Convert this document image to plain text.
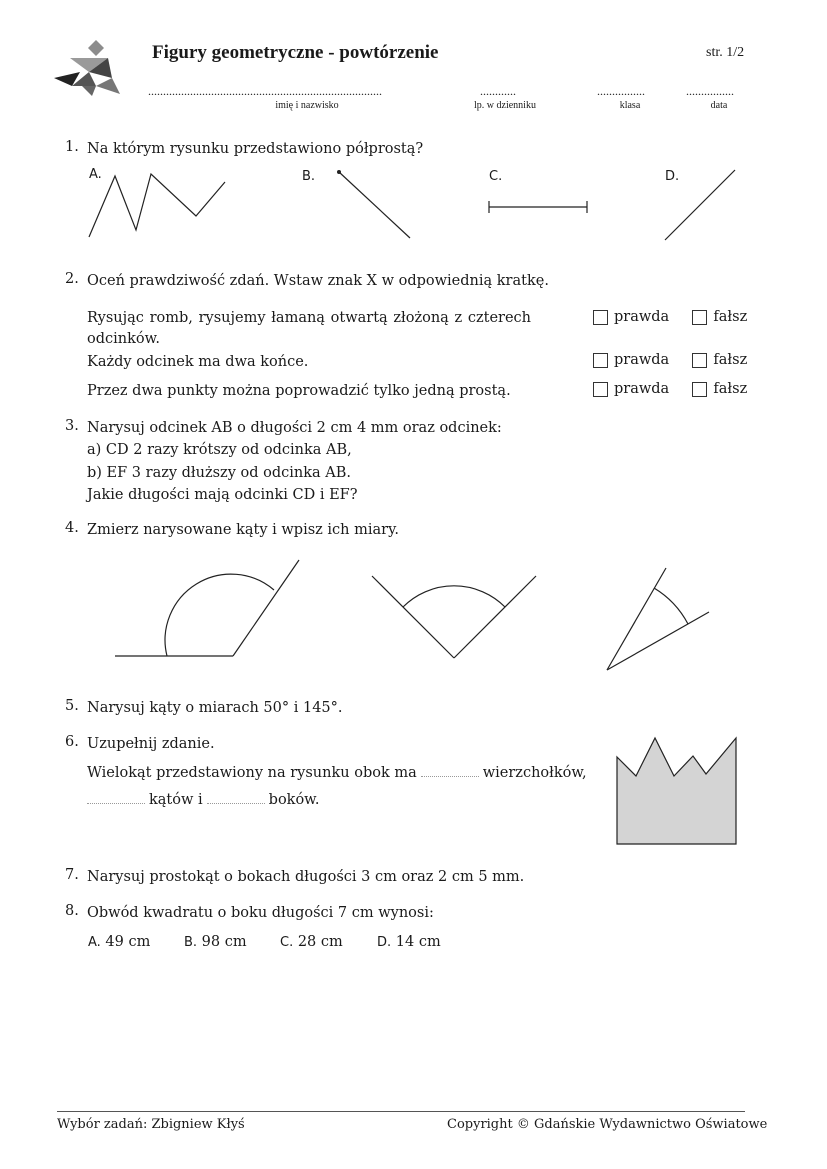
Figury geometryczne - powtórzenie	str. 1/2
..............................................................................
imię i nazwisko
............
lp. w dzienniku
................
klasa
................
data
1. Na którym rysunku przedstawiono półprostą?
A.	B.	C.	D.
2. Oceń prawdziwość zdań. Wstaw znak X w odpowiednią kratkę.
Rysując romb, rysujemy łamaną otwartą złożoną z czterech odcinków.
Każdy odcinek ma dwa końce.
Przez dwa punkty można poprowadzić tylko jedną prostą.
prawda	fałsz
prawda	fałsz
prawda	fałsz
3. Narysuj odcinek AB o długości 2 cm 4 mm oraz odcinek:
a) CD 2 razy krótszy od odcinka AB,
b) EF 3 razy dłuższy od odcinka AB.
Jakie długości mają odcinki CD i EF?
4. Zmierz narysowane kąty i wpisz ich miary.
5. Narysuj kąty o miarach 50° i 145°.
6. Uzupełnij zdanie.
Wielokąt przedstawiony na rysunku obok ma	wierzchołków,
kątów i	boków.
7. Narysuj prostokąt o bokach długości 3 cm oraz 2 cm 5 mm.
8. Obwód kwadratu o boku długości 7 cm wynosi:
A. 49 cm	B. 98 cm	C. 28 cm	D. 14 cm
Wybór zadań: Zbigniew Kłyś	Copyright © Gdańskie Wydawnictwo Oświatowe
